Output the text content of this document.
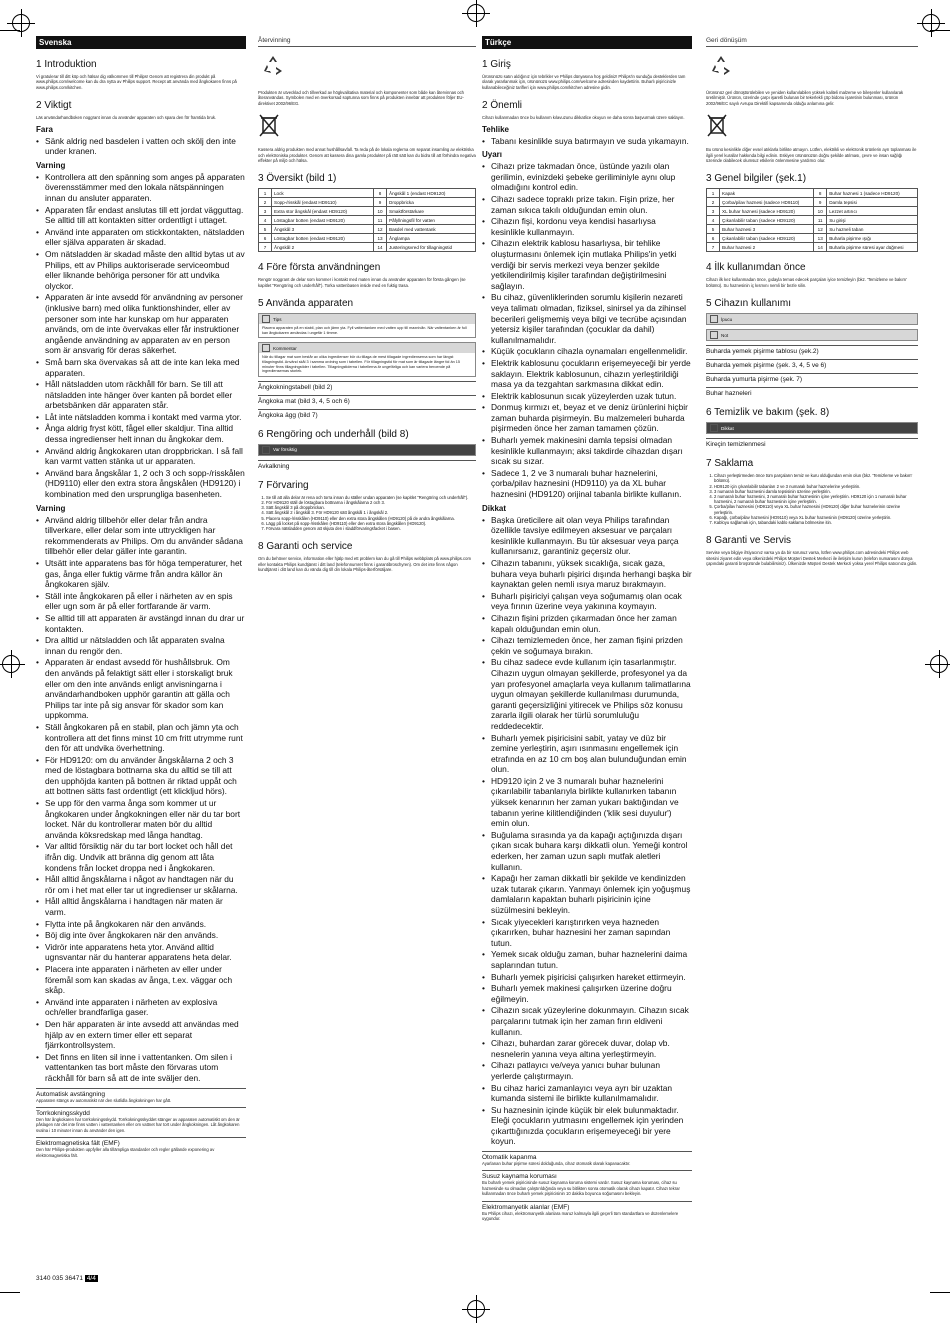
Svenska
1 Introduktion

Vi gratulerar till ditt köp och hälsar dig välkommen till Philips! Genom att registrera din produkt på www.philips.com/welcome kan du dra nytta av Philips support. Recept att använda med ångkokaren finns på www.philips.com/kitchen.

2 Viktigt

Läs användarhandboken noggrant innan du använder apparaten och spara den för framtida bruk.

Fara
• Sänk aldrig ned basdelen i vatten och skölj den inte under kranen.
Varning
• Kontrollera att den spänning som anges på apparaten överensstämmer med den lokala nätspänningen innan du ansluter apparaten.
• Apparaten får endast anslutas till ett jordat vägguttag. Se alltid till att kontakten sitter ordentligt i uttaget.
• Använd inte apparaten om stickkontakten, nätsladden eller själva apparaten är skadad.
• Om nätsladden är skadad måste den alltid bytas ut av Philips, ett av Philips auktoriserade serviceombud eller liknande behöriga personer för att undvika olyckor.
• Apparaten är inte avsedd för användning av personer (inklusive barn) med olika funktionshinder, eller av personer som inte har kunskap om hur apparaten används, om de inte övervakas eller får instruktioner angående användning av apparaten av en person som är ansvarig för deras säkerhet.
• Små barn ska övervakas så att de inte kan leka med apparaten.
• Håll nätsladden utom räckhåll för barn. Se till att nätsladden inte hänger över kanten på bordet eller arbetsbänken där apparaten står.
• Låt inte nätsladden komma i kontakt med varma ytor.
• Ånga aldrig fryst kött, fågel eller skaldjur. Tina alltid dessa ingredienser helt innan du ångkokar dem.
• Använd aldrig ångkokaren utan droppbrickan. I så fall kan varmt vatten stänka ut ur apparaten.
• Använd bara ångskålar 1, 2 och 3 och sopp-/risskålen (HD9110) eller den extra stora ångskålen (HD9120) i kombination med den ursprungliga basenheten.
Varning
• Använd aldrig tillbehör eller delar från andra tillverkare, eller delar som inte uttryckligen har rekommenderats av Philips. Om du använder sådana tillbehör eller delar gäller inte garantin.
• Utsätt inte apparatens bas för höga temperaturer, het gas, ånga eller fuktig värme från andra källor än ångkokaren själv.
• Ställ inte ångkokaren på eller i närheten av en spis eller ugn som är på eller fortfarande är varm.
• Se alltid till att apparaten är avstängd innan du drar ur kontakten.
• Dra alltid ur nätsladden och låt apparaten svalna innan du rengör den.
• Apparaten är endast avsedd för hushållsbruk. Om den används på felaktigt sätt eller i storskaligt bruk eller om den inte används enligt anvisningarna i användarhandboken upphör garantin att gälla och Philips tar inte på sig ansvar för skador som kan uppkomma.
• Ställ ångkokaren på en stabil, plan och jämn yta och kontrollera att det finns minst 10 cm fritt utrymme runt den för att undvika överhettning.
• För HD9120: om du använder ångskålarna 2 och 3 med de löstagbara bottnarna ska du alltid se till att den upphöjda kanten på bottnen är riktad uppåt och att bottnen sätts fast ordentligt (ett klickljud hörs).
• Se upp för den varma ånga som kommer ut ur ångkokaren under ångkokningen eller när du tar bort locket. När du kontrollerar maten bör du alltid använda köksredskap med långa handtag.
• Var alltid försiktig när du tar bort locket och håll det ifrån dig. Undvik att bränna dig genom att låta kondens från locket droppa ned i ångkokaren.
• Håll alltid ångskålarna i något av handtagen när du rör om i het mat eller tar ut ingredienser ur skålarna.
• Håll alltid ångskålarna i handtagen när maten är varm.
• Flytta inte på ångkokaren när den används.
• Böj dig inte över ångkokaren när den används.
• Vidrör inte apparatens heta ytor. Använd alltid ugnsvantar när du hanterar apparatens heta delar.
• Placera inte apparaten i närheten av eller under föremål som kan skadas av ånga, t.ex. väggar och skåp.
• Använd inte apparaten i närheten av explosiva och/eller brandfarliga gaser.
• Den här apparaten är inte avsedd att användas med hjälp av en extern timer eller ett separat fjärrkontrollsystem.
• Det finns en liten sil inne i vattentanken. Om silen i vattentanken tas bort måste den förvaras utom räckhåll för barn så att de inte sväljer den.
Automatisk avstängning

Apparaten stängs av automatiskt när den slutlidla ångkokningen har gått.

Torrkokningsskydd

Den här ångkokaren har torrkokningsskydd. Torrkokningsskyddet stänger av apparaten automatiskt om den är påslagen när det inte finns vatten i vattentanken eller om vattnet har tort under ångkokningen. Låt ångkokaren svalna i 10 minuter innan du använder den igen.

Elektromagnetiska fält (EMF)

Den här Philips-produkten uppfyller alla tillämpliga standarder och regler gällande exponering av elektromagnetiska fält.

Återvinning

Produkten är utvecklad och tillverkad av högkvalitativa material och komponenter som både kan återvinnas och återanvändas. Symbolen med en överkorsad soptunna som finns på produkten innebär att produkten följer EU-direktivet 2002/96/EG.

Kassera aldrig produkten med annat hushållsavfall. Ta reda på de lokala reglerna om separat insamling av elektriska och elektroniska produkter. Genom att kassera dina gamla produkter på rätt sätt kan du bidra till att förhindra negativa effekter på miljö och hälsa.

3 Översikt (bild 1)
1	Lock	8	Ångskål 1 (endast HD9120)
2	Sopp-/risskål (endast HD9110)	9	Droppbricka
3	Extra stor ångskål (endast HD9120)	10	Smaktförstärkare
4	Löstagbar botten (endast HD9120)	11	Påfyllningsfil för vatten
5	Ångskål 3	12	Basdel med vattentank
6	Löstagbar botten (endast HD9120)	13	Ånglampa
7	Ångskål 2	14	Justeringsvred för tillagningstid
4 Före första användningen

Rengör noggrant de delar som kommer i kontakt med maten innan du använder apparaten för första gången (se kapitlet "Rengöring och underhåll"). Torka vattenbasen inside med en fuktig trasa.

5 Använda apparaten
Tips
Placera apparaten på en stabil, plan och jämn yta. Fyll vattentanken med vatten upp till maxnivån. När vattentanken är full kan ångkokaren användas i ungefär 1 timme.
Kommentar
När du tillagar mat som består av olika ingredienser bör du tillaga de mest tillagade ingredienserna som har längst tillagningstid. Använd skål 3 i samma ordning som i tabellen. För tillagningstid för mat som är tillagade längre tid än 15 minuter finns tillagningstider i tabellen. Tillagningstiderna i tabellerna är ungefärliga och kan variera beroende på ingrediensernas storlek.
Ångkokningstabell (bild 2)
Ångkoka mat (bild 3, 4, 5 och 6)
Ångkoka ägg (bild 7)
6 Rengöring och underhåll (bild 8)
Var försiktig
Avkalkning
7 Förvaring
1. Se till att alla delar är rena och torra innan du ställer undan apparaten (se kapitlet "Rengöring och underhåll").
2. För HD9120 ställ de löstagbara bottnarna i ångskålarna 2 och 3.
3. Sätt ångskål 3 på droppbrickan.
4. Sätt ångskål 2 i ångskål 3. För HD9120 sätt ångskål 1 i ångskål 2.
5. Placera sopp-/risskålen (HD9110) eller den extra stora ångskålen (HD9120) på de andra ångskålarna.
6. Lägg på locket på sopp-/risskålen (HD9110) eller den extra stora ångskålen (HD9120).
7. Förvara nätsladden genom att skjuta den i sladdförvaringsfacket i basen.
8 Garanti och service

Om du behöver service, information eller hjälp med ett problem kan du gå till Philips webbplats på www.philips.com eller kontakta Philips kundtjänst i ditt land (telefonnumret finns i garantibroschyren). Om det inte finns någon kundtjänst i ditt land kan du vända dig till din lokala Philips-återförsäljare.

Türkçe
1 Giriş

Ürününüzü satın aldığınız için tebrikler ve Philips dünyasına hoş geldiniz! Philips'in sunduğu desteklerden tam olarak yararlanmak için, ürününüzü www.philips.com/welcome adresinden kaydettirin. Buharlı pişiricinizle kullanabileceğiniz tarifleri için www.philips.com/kitchen adresine gidin.

2 Önemli

Cihazı kullanmadan önce bu kullanım kılavuzunu dikkatlice okuyun ve daha sonra başvurmak üzere saklayın.

Tehlike
• Tabanı kesinlikle suya batırmayın ve suda yıkamayın.
Uyarı
• Cihazı prize takmadan önce, üstünde yazılı olan gerilimin, evinizdeki şebeke geriliminiyle aynı olup olmadığını kontrol edin.
• Cihazı sadece topraklı prize takın. Fişin prize, her zaman sıkıca takılı olduğundan emin olun.
• Cihazın fişi, kordonu veya kendisi hasarlıysa kesinlikle kullanmayın.
• Cihazın elektrik kablosu hasarlıysa, bir tehlike oluşturmasını önlemek için mutlaka Philips'in yetki verdiği bir servis merkezi veya benzer şekilde yetkilendirilmiş kişiler tarafından değiştirilmesini sağlayın.
• Bu cihaz, güvenliklerinden sorumlu kişilerin nezareti veya talimatı olmadan, fiziksel, sinirsel ya da zihinsel becerileri gelişmemiş veya bilgi ve tecrübe açısından yetersiz kişiler tarafından (çocuklar da dahil) kullanılmamalıdır.
• Küçük çocukların cihazla oynamaları engellenmelidir.
• Elektrik kablosunu çocukların erişemeyeceği bir yerde saklayın. Elektrik kablosunun, cihazın yerleştirildiği masa ya da tezgahtan sarkmasına dikkat edin.
• Elektrik kablosunun sıcak yüzeylerden uzak tutun.
• Donmuş kırmızı et, beyaz et ve deniz ürünlerini hiçbir zaman buharda pişirmeyin. Bu malzemeleri buharda pişirmeden önce her zaman tamamen çözün.
• Buharlı yemek makinesini damla tepsisi olmadan kesinlikle kullanmayın; aksi takdirde cihazdan dışarı sıcak su sızar.
• Sadece 1, 2 ve 3 numaralı buhar haznelerini, çorba/pilav haznesini (HD9110) ya da XL buhar haznesini (HD9120) orijinal tabanla birlikte kullanın.
Dikkat
• Başka üreticilere ait olan veya Philips tarafından özellikle tavsiye edilmeyen aksesuar ve parçaları kesinlikle kullanmayın. Bu tür aksesuar veya parça kullanırsanız, garantiniz geçersiz olur.
• Cihazın tabanını, yüksek sıcaklığa, sıcak gaza, buhara veya buharlı pişirici dışında herhangi başka bir kaynaktan gelen nemli ısıya maruz bırakmayın.
• Buharlı pişiriciyi çalışan veya soğumamış olan ocak veya fırının üzerine veya yakınına koymayın.
• Cihazın fişini prizden çıkarmadan önce her zaman kapalı olduğundan emin olun.
• Cihazı temizlemeden önce, her zaman fişini prizden çekin ve soğumaya bırakın.
• Bu cihaz sadece evde kullanım için tasarlanmıştır. Cihazın uygun olmayan şekillerde, profesyonel ya da yarı profesyonel amaçlarla veya kullanım talimatlarına uygun olmayan şekillerde kullanılması durumunda, garanti geçersizliğini yitirecek ve Philips söz konusu zararla ilgili olarak her türlü sorumluluğu reddedecektir.
• Buharlı yemek pişiricisini sabit, yatay ve düz bir zemine yerleştirin, aşırı ısınmasını engellemek için etrafında en az 10 cm boş alan bulunduğundan emin olun.
• HD9120 için 2 ve 3 numaralı buhar haznelerini çıkarılabilir tabanlarıyla birlikte kullanırken tabanın yüksek kenarının her zaman yukarı baktığından ve tabanın yerine kilitlendiğinden ('klik sesi duyulur') emin olun.
• Buğulama sırasında ya da kapağı açtığınızda dışarı çıkan sıcak buhara karşı dikkatli olun. Yemeği kontrol ederken, her zaman uzun saplı mutfak aletleri kullanın.
• Kapağı her zaman dikkatli bir şekilde ve kendinizden uzak tutarak çıkarın. Yanmayı önlemek için yoğuşmuş damlaların kapaktan buharlı pişiricinin içine süzülmesini bekleyin.
• Sıcak yiyecekleri karıştırırken veya hazneden çıkarırken, buhar haznesini her zaman sapından tutun.
• Yemek sıcak olduğu zaman, buhar haznelerini daima saplarından tutun.
• Buharlı yemek pişiricisi çalışırken hareket ettirmeyin.
• Buharlı yemek makinesi çalışırken üzerine doğru eğilmeyin.
• Cihazın sıcak yüzeylerine dokunmayın. Cihazın sıcak parçalarını tutmak için her zaman fırın eldiveni kullanın.
• Cihazı, buhardan zarar görecek duvar, dolap vb. nesnelerin yanına veya altına yerleştirmeyin.
• Cihazı patlayıcı ve/veya yanıcı buhar bulunan yerlerde çalıştırmayın.
• Bu cihaz harici zamanlayıcı veya ayrı bir uzaktan kumanda sistemi ile birlikte kullanılmamalıdır.
• Su haznesinin içinde küçük bir elek bulunmaktadır. Eleği çocukların yutmasını engellemek için yerinden çıkarttığınızda çocukların erişemeyeceği bir yere koyun.
Otomatik kapanma

Ayarlanan buhar pişirme süresi dolduğunda, cihaz otomatik olarak kapanacaktır.

Susuz kaynama koruması

Bu buharlı yemek pişiricisinde susuz kaynama koruma sistemi vardır. Susuz kaynama koruması, cihaz su haznesinde su olmadan çalıştırıldığında veya su bitlikten sonra otomatik olarak cihazı kapatır. Cihazı tekrar kullanmadan önce buharlı yemek pişiricisinin 10 dakika boyunca soğumasını bekleyin.

Elektromanyetik alanlar (EMF)

Bu Philips cihazı, elektromanyetik alanlara maruz kalmayla ilgili geçerli tüm standartlara ve düzenlemelere uygundur.

Geri dönüşüm

Ürününüz geri dönüştürülebilen ve yeniden kullanılabilen yüksek kaliteli malzeme ve bileşenler kullanılarak üretilmiştir. Ürünün, üzerinde çarpı işaretli bulunan bir tekerlekli çöp bidonu işaretinin bulunması, ürünün 2002/96/EC sayılı Avrupa Direktifi kapsamında olduğu anlamına gelir.

Bu ürünü kesinlikle diğer evsel atıklarla birlikte atmayın. Lütfen, elektrikli ve elektronik ürünlerin ayrı toplanması ile ilgili yerel kurallar hakkında bilgi edinin. Eskiyen ürününüzün doğru şekilde atılması, çevre ve insan sağlığı üzerinde olabilecek olumsuz etkilerin önlenmesine yardımcı olur.

3 Genel bilgiler (şek.1)
1	Kapak	8	Buhar haznesi 1 (sadece HD9120)
2	Çorba/pilav haznesi (sadece HD9110)	9	Damla tepsisi
3	XL buhar haznesi (sadece HD9120)	10	Lezzet artırıcı
4	Çıkarılabilir taban (sadece HD9120)	11	Su girişi
5	Buhar haznesi 3	12	Su hazneli taban
6	Çıkarılabilir taban (sadece HD9120)	13	Buharla pişirme ışığı
7	Buhar haznesi 2	14	Buharla pişirme süresi ayar düğmesi
4 İlk kullanımdan önce

Cihazı ilk kez kullanmadan önce, gıdayla temas edecek parçaları iyice temizleyin (bkz. 'Temizleme ve bakım' bölümü). Su haznesinin iç kısmını nemli bir bezle silin.

5 Cihazın kullanımı
İpucu
Not
Buharda yemek pişirme tablosu (şek.2)
Buharda yemek pişirme (şek. 3, 4, 5 ve 6)
Buharda yumurta pişirme (şek. 7)
Buhar hazneleri
6 Temizlik ve bakım (şek. 8)
Dikkat
Kireçin temizlenmesi
7 Saklama
1. Cihazı yerleştirmeden önce tüm parçaların temiz ve kuru olduğundan emin olun (bkz. 'Temizleme ve bakım' bölümü).
2. HD9120 için çıkarılabilir tabanları 2 ve 3 numaralı buhar haznelerine yerleştirin.
3. 3 numaralı buhar haznesini damla tepsisinin üzerine yerleştirin.
4. 2 numaralı buhar haznesini, 3 numaralı buhar haznesinin içine yerleştirin. HD9120 için 1 numaralı buhar haznesini, 2 numaralı buhar haznesinin içine yerleştirin.
5. Çorba/pilav haznesini (HD9110) veya XL buhar haznesini (HD9120) diğer buhar haznelerinin üzerine yerleştirin.
6. Kapağı, çorba/pilav haznesini (HD9110) veya XL buhar haznesinin (HD9120) üzerine yerleştirin.
7. Kabloyu sağlamak için, tabandaki kablo saklama bölmesine itin.
8 Garanti ve Servis

Servise veya bilgiye ihtiyacınız varsa ya da bir sorunuz varsa, lütfen www.philips.com adresindeki Philips web sitesini ziyaret edin veya ülkenizdeki Philips Müşteri Destek Merkezi ile iletişim kurun (telefon numarasını dünya çapındaki garanti broşüründe bulabilirsiniz). Ülkenizde Müşteri Destek Merkezi yoksa yerel Philips satıcınıza gidin.

3140 035 36471 4/4
